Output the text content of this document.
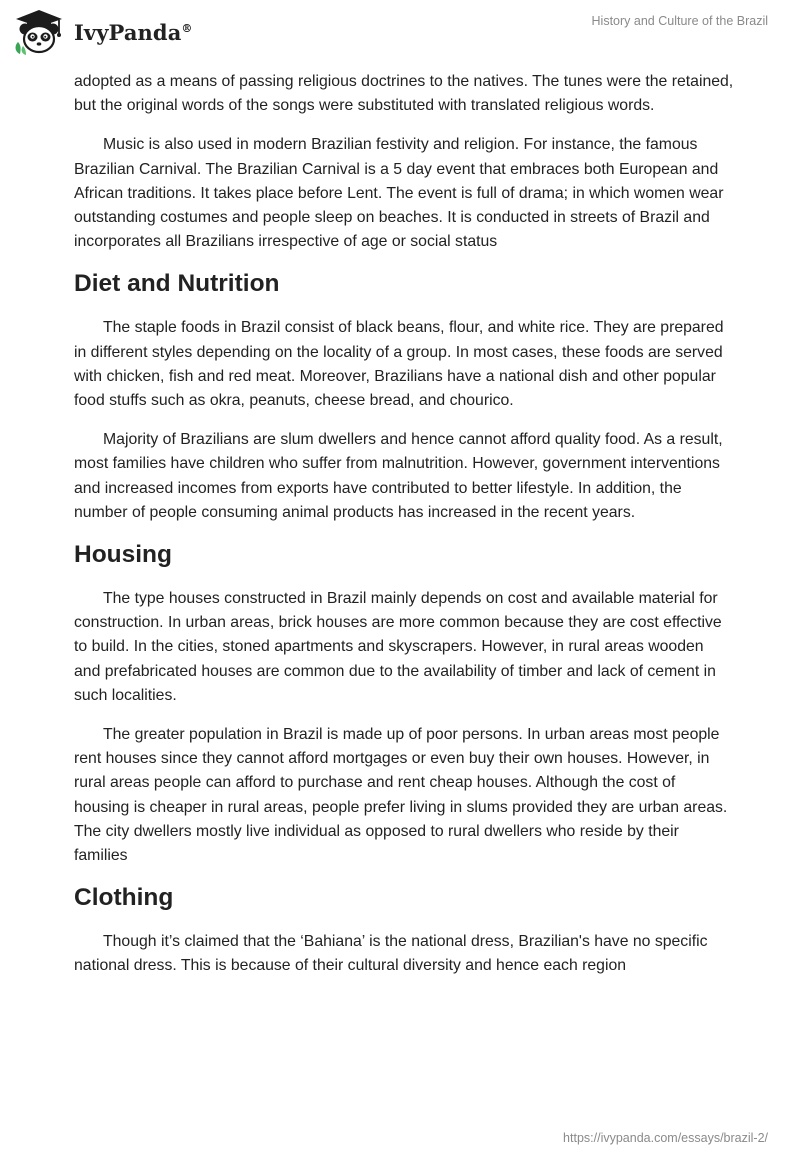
IvyPanda®	History and Culture of the Brazil

adopted as a means of passing religious doctrines to the natives. The tunes were the retained, but the original words of the songs were substituted with translated religious words.

Music is also used in modern Brazilian festivity and religion. For instance, the famous Brazilian Carnival. The Brazilian Carnival is a 5 day event that embraces both European and African traditions. It takes place before Lent. The event is full of drama; in which women wear outstanding costumes and people sleep on beaches. It is conducted in streets of Brazil and incorporates all Brazilians irrespective of age or social status

Diet and Nutrition

The staple foods in Brazil consist of black beans, flour, and white rice. They are prepared in different styles depending on the locality of a group. In most cases, these foods are served with chicken, fish and red meat. Moreover, Brazilians have a national dish and other popular food stuffs such as okra, peanuts, cheese bread, and chourico.

Majority of Brazilians are slum dwellers and hence cannot afford quality food. As a result, most families have children who suffer from malnutrition. However, government interventions and increased incomes from exports have contributed to better lifestyle. In addition, the number of people consuming animal products has increased in the recent years.

Housing

The type houses constructed in Brazil mainly depends on cost and available material for construction. In urban areas, brick houses are more common because they are cost effective to build. In the cities, stoned apartments and skyscrapers. However, in rural areas wooden and prefabricated houses are common due to the availability of timber and lack of cement in such localities.

The greater population in Brazil is made up of poor persons. In urban areas most people rent houses since they cannot afford mortgages or even buy their own houses. However, in rural areas people can afford to purchase and rent cheap houses. Although the cost of housing is cheaper in rural areas, people prefer living in slums provided they are urban areas. The city dwellers mostly live individual as opposed to rural dwellers who reside by their families

Clothing

Though it’s claimed that the ‘Bahiana’ is the national dress, Brazilian's have no specific national dress. This is because of their cultural diversity and hence each region

https://ivypanda.com/essays/brazil-2/
